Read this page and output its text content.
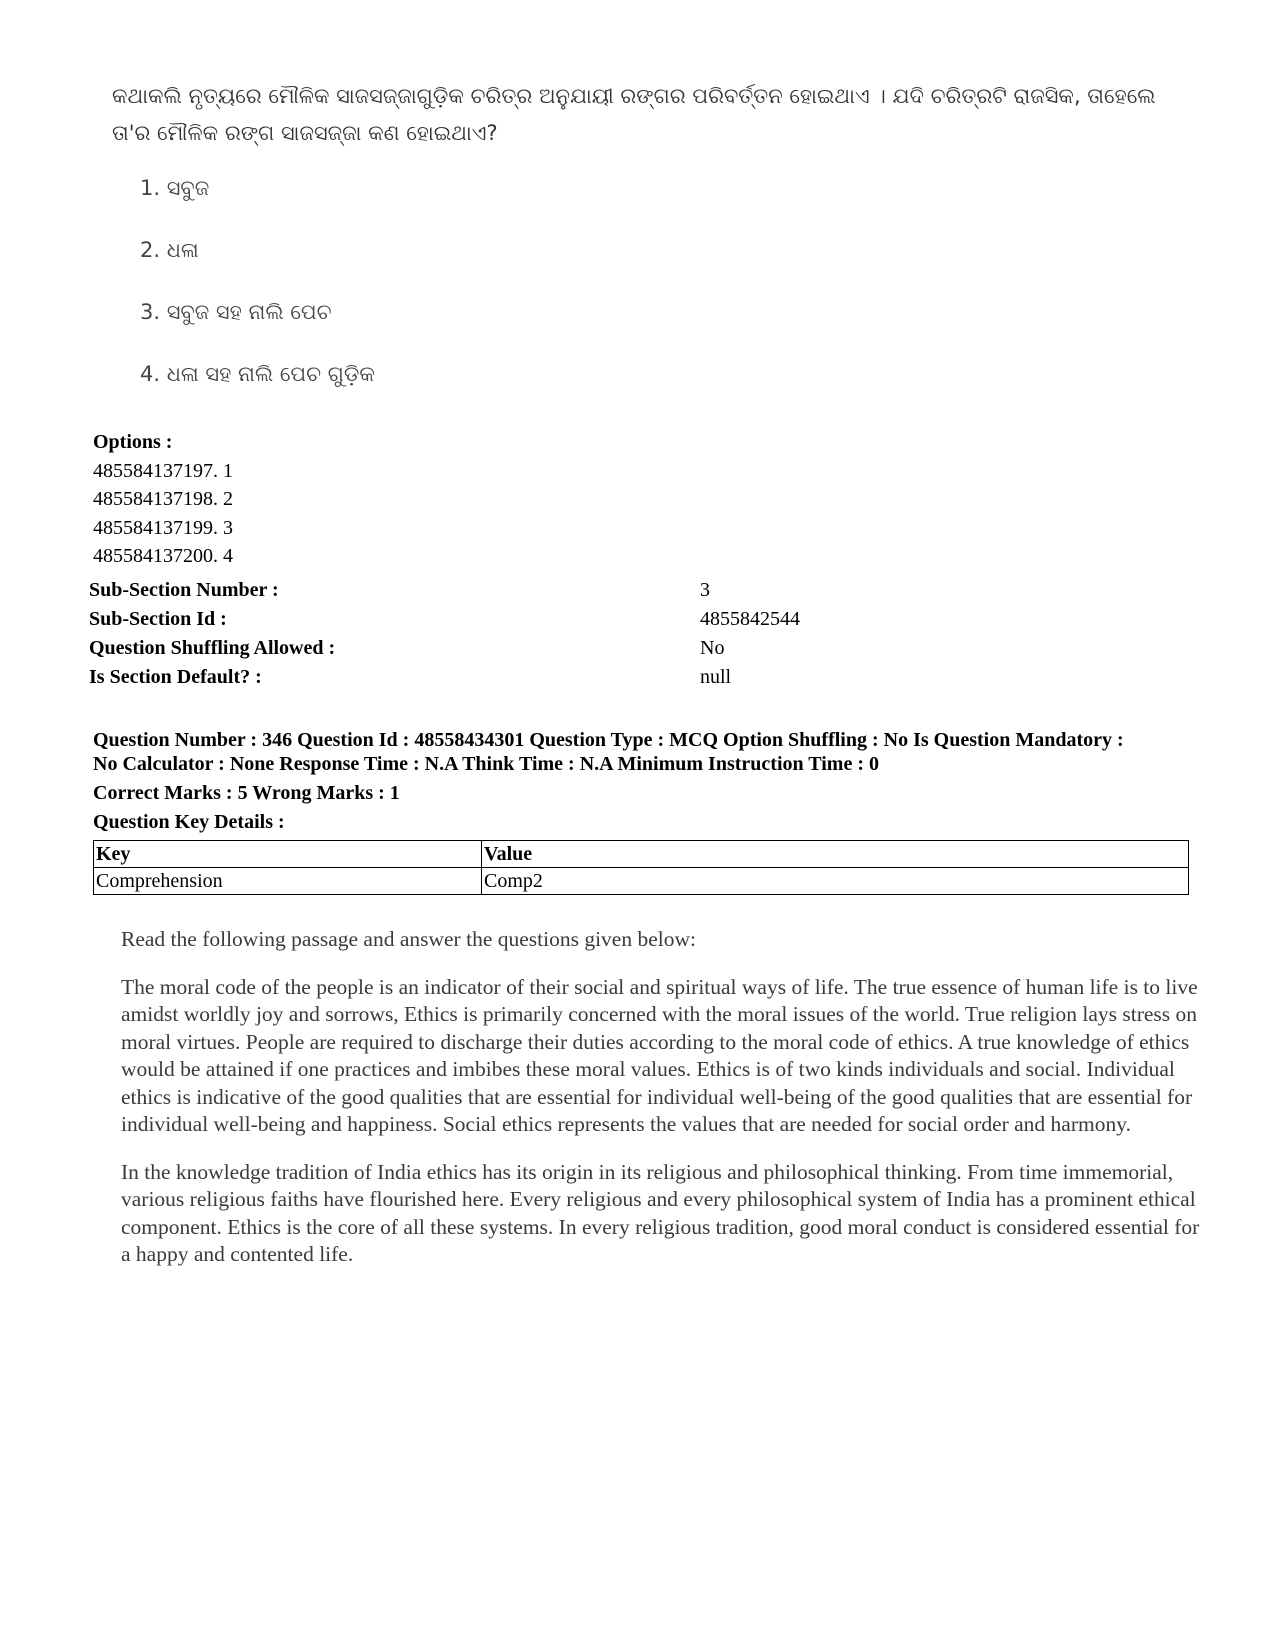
କଥାକଲି ନୃତ୍ୟରେ ମୌଳିକ ସାଜସଜ୍ଜାଗୁଡ଼ିକ ଚରିତ୍ର ଅନୁଯାୟୀ ରଙ୍ଗର ପରିବର୍ତ୍ତନ ହୋଇଥାଏ । ଯଦି ଚରିତ୍ରଟି ରାଜସିକ, ତାହେଲେ ତା'ର ମୌଳିକ ରଙ୍ଗ ସାଜସଜ୍ଜା କଣ ହୋଇଥାଏ?
1. ସବୁଜ
2. ଧଳା
3. ସବୁଜ ସହ ନାଲି ପେଚ
4. ଧଳା ସହ ନାଲି ପେଚ ଗୁଡ଼ିକ
Options :
485584137197. 1
485584137198. 2
485584137199. 3
485584137200. 4
Sub-Section Number :	3
Sub-Section Id :	4855842544
Question Shuffling Allowed :	No
Is Section Default? :	null
Question Number : 346 Question Id : 48558434301 Question Type : MCQ Option Shuffling : No Is Question Mandatory :
No Calculator : None Response Time : N.A Think Time : N.A Minimum Instruction Time : 0
Correct Marks : 5 Wrong Marks : 1
Question Key Details :
Key	Value
Comprehension	Comp2

Read the following passage and answer the questions given below:

The moral code of the people is an indicator of their social and spiritual ways of life. The true essence of human life is to live amidst worldly joy and sorrows, Ethics is primarily concerned with the moral issues of the world. True religion lays stress on moral virtues. People are required to discharge their duties according to the moral code of ethics. A true knowledge of ethics would be attained if one practices and imbibes these moral values. Ethics is of two kinds individuals and social. Individual ethics is indicative of the good qualities that are essential for individual well-being of the good qualities that are essential for individual well-being and happiness. Social ethics represents the values that are needed for social order and harmony.

In the knowledge tradition of India ethics has its origin in its religious and philosophical thinking. From time immemorial, various religious faiths have flourished here. Every religious and every philosophical system of India has a prominent ethical component. Ethics is the core of all these systems. In every religious tradition, good moral conduct is considered essential for a happy and contented life.
